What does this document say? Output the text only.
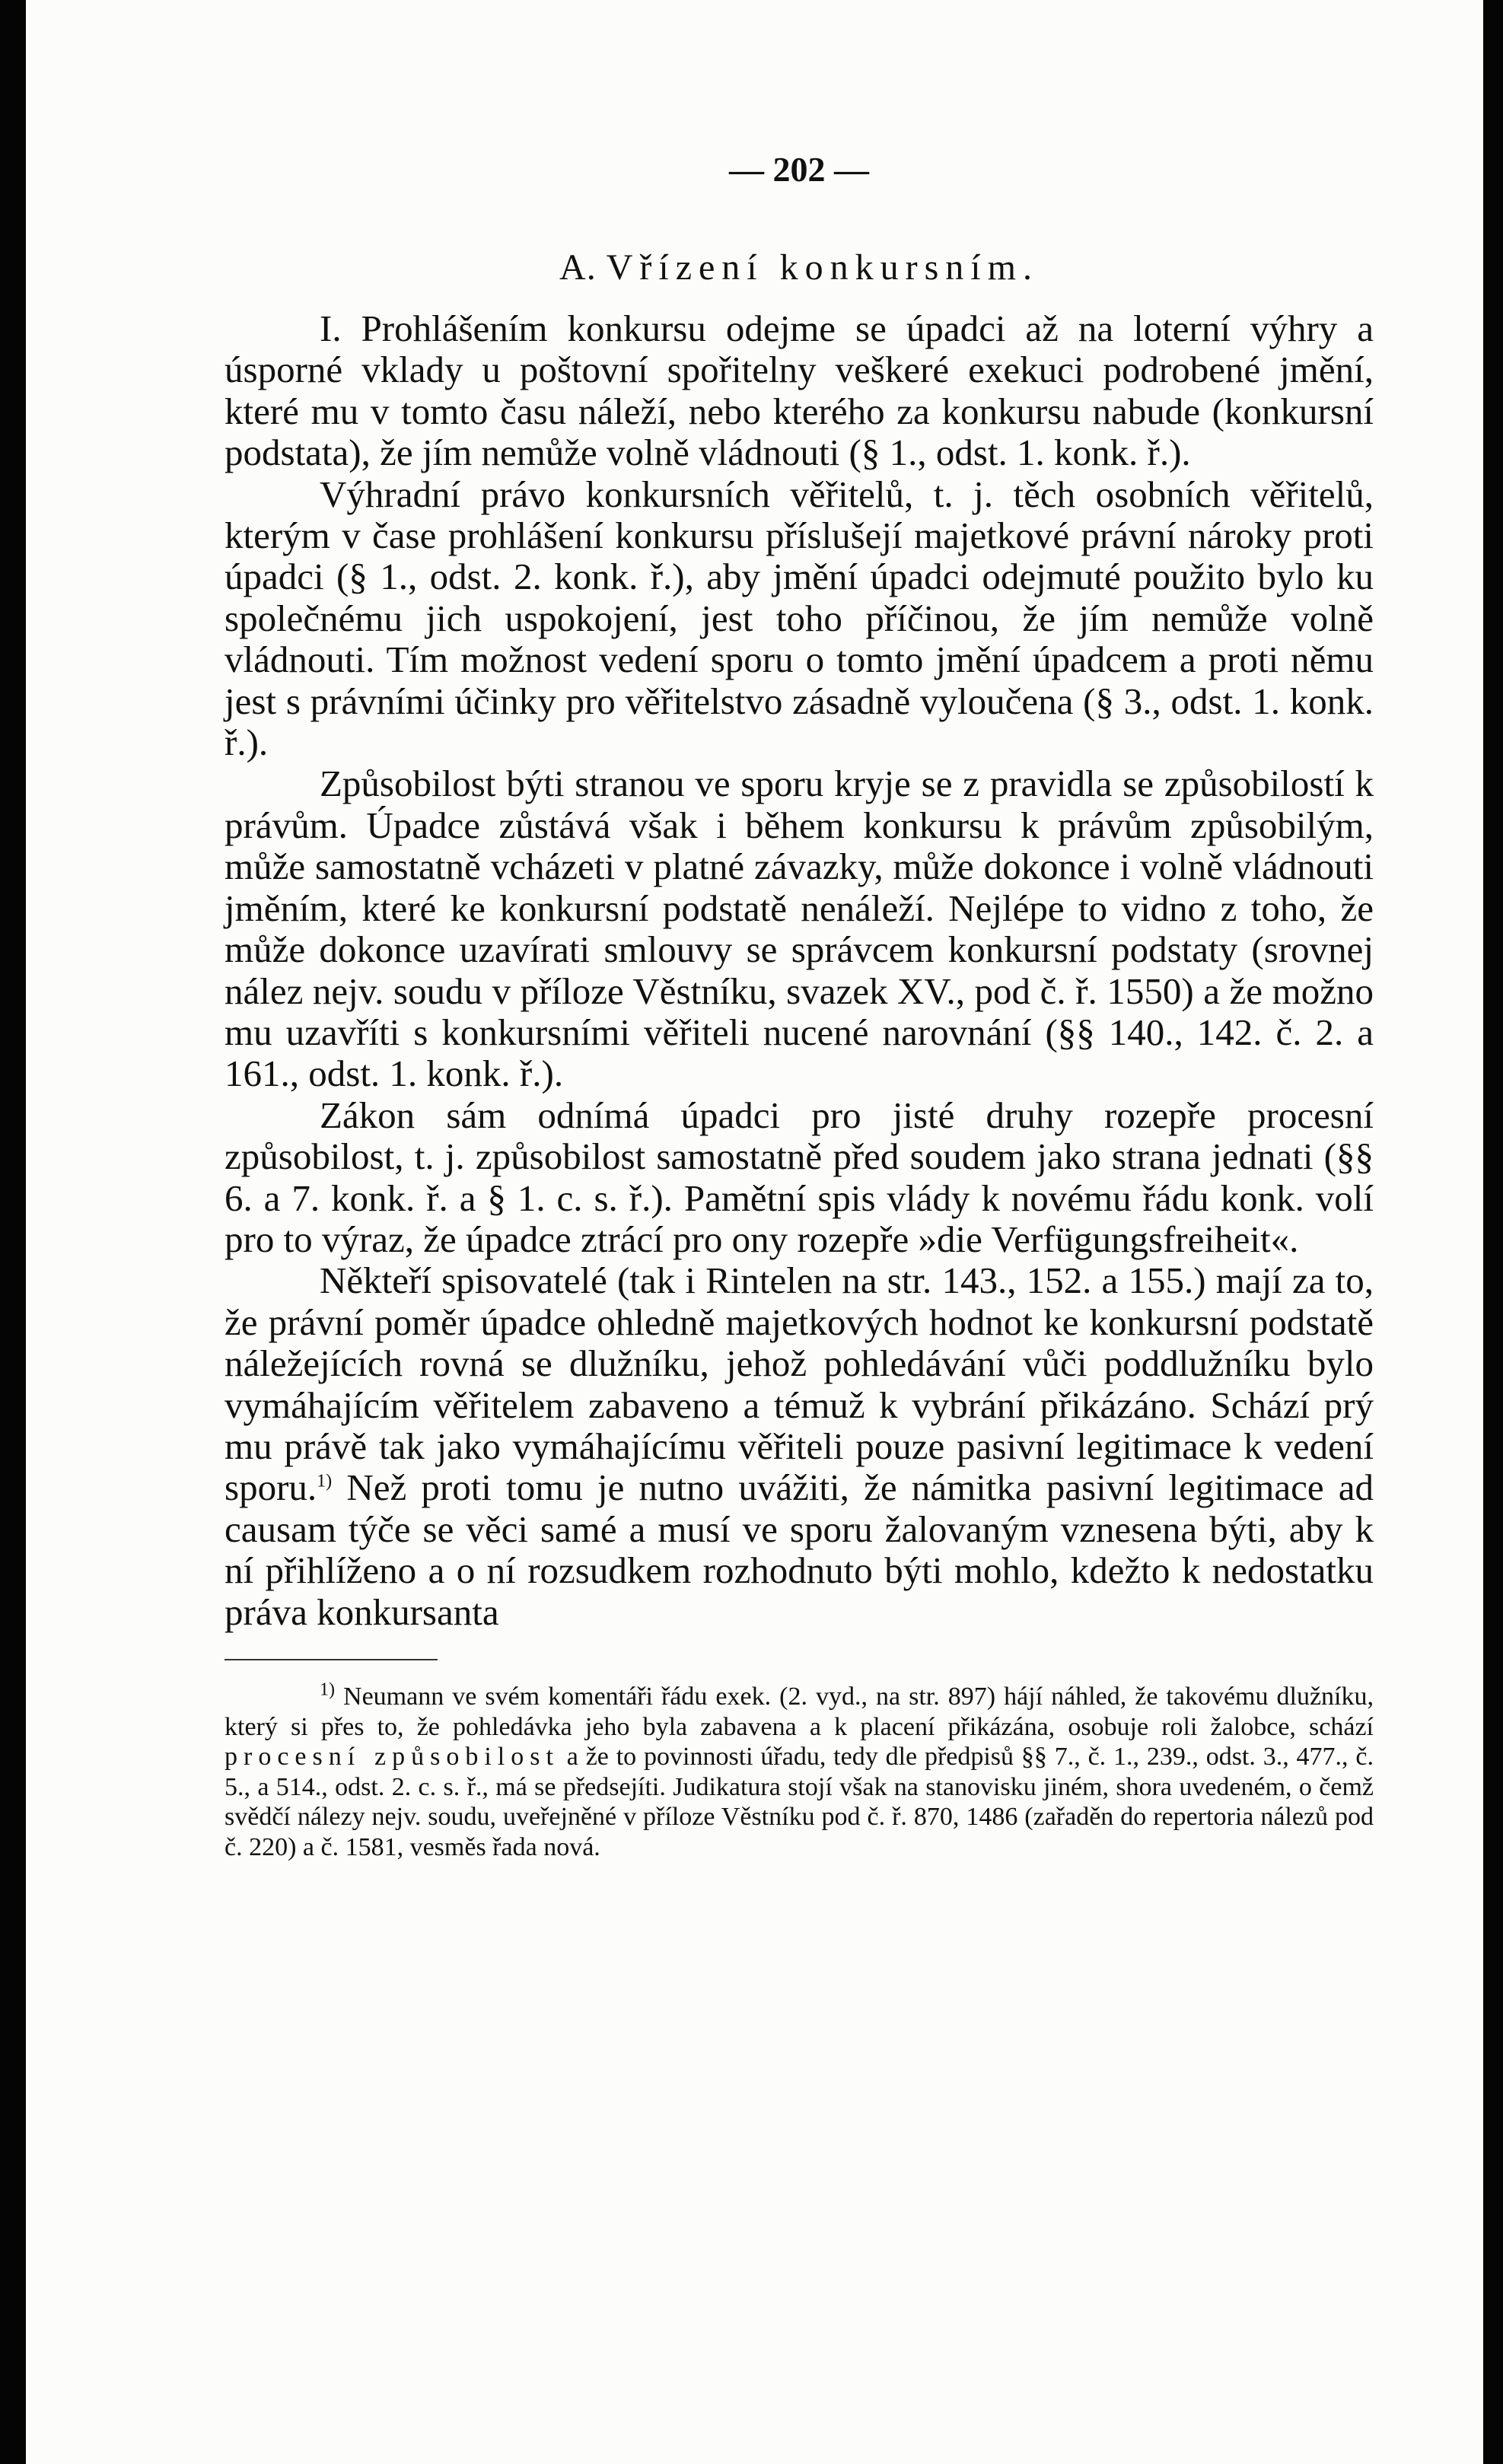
— 202 —
A. Vřízení konkursním.

I. Prohlášením konkursu odejme se úpadci až na loterní výhry a úsporné vklady u poštovní spořitelny veškeré exekuci podrobené jmění, které mu v tomto času náleží, nebo kterého za konkursu nabude (konkursní podstata), že jím nemůže volně vládnouti (§ 1., odst. 1. konk. ř.).

Výhradní právo konkursních věřitelů, t. j. těch osobních věřitelů, kterým v čase prohlášení konkursu příslušejí majetkové právní nároky proti úpadci (§ 1., odst. 2. konk. ř.), aby jmění úpadci odejmuté použito bylo ku společnému jich uspokojení, jest toho příčinou, že jím nemůže volně vládnouti. Tím možnost vedení sporu o tomto jmění úpadcem a proti němu jest s právními účinky pro věřitelstvo zásadně vyloučena (§ 3., odst. 1. konk. ř.).

Způsobilost býti stranou ve sporu kryje se z pravidla se způsobilostí k právům. Úpadce zůstává však i během konkursu k právům způsobilým, může samostatně vcházeti v platné závazky, může dokonce i volně vládnouti jměním, které ke konkursní podstatě nenáleží. Nejlépe to vidno z toho, že může dokonce uzavírati smlouvy se správcem konkursní podstaty (srovnej nález nejv. soudu v příloze Věstníku, svazek XV., pod č. ř. 1550) a že možno mu uzavříti s konkursními věřiteli nucené narovnání (§§ 140., 142. č. 2. a 161., odst. 1. konk. ř.).

Zákon sám odnímá úpadci pro jisté druhy rozepře procesní způsobilost, t. j. způsobilost samostatně před soudem jako strana jednati (§§ 6. a 7. konk. ř. a § 1. c. s. ř.). Pamětní spis vlády k novému řádu konk. volí pro to výraz, že úpadce ztrácí pro ony rozepře »die Verfügungsfreiheit«.

Někteří spisovatelé (tak i Rintelen na str. 143., 152. a 155.) mají za to, že právní poměr úpadce ohledně majetkových hodnot ke konkursní podstatě náležejících rovná se dlužníku, jehož pohledávání vůči poddlužníku bylo vymáhajícím věřitelem zabaveno a témuž k vybrání přikázáno. Schází prý mu právě tak jako vymáhajícímu věřiteli pouze pasivní legitimace k vedení sporu.$^{1)}$ Než proti tomu je nutno uvážiti, že námitka pasivní legitimace ad causam týče se věci samé a musí ve sporu žalovaným vznesena býti, aby k ní přihlíženo a o ní rozsudkem rozhodnuto býti mohlo, kdežto k nedostatku práva konkursanta

$^{1)}$ Neumann ve svém komentáři řádu exek. (2. vyd., na str. 897) hájí náhled, že takovému dlužníku, který si přes to, že pohledávka jeho byla zabavena a k placení přikázána, osobuje roli žalobce, schází procesní způsobilost a že to povinnosti úřadu, tedy dle předpisů §§ 7., č. 1., 239., odst. 3., 477., č. 5., a 514., odst. 2. c. s. ř., má se předsejíti. Judikatura stojí však na stanovisku jiném, shora uvedeném, o čemž svědčí nálezy nejv. soudu, uveřejněné v příloze Věstníku pod č. ř. 870, 1486 (zařaděn do repertoria nálezů pod č. 220) a č. 1581, vesměs řada nová.
